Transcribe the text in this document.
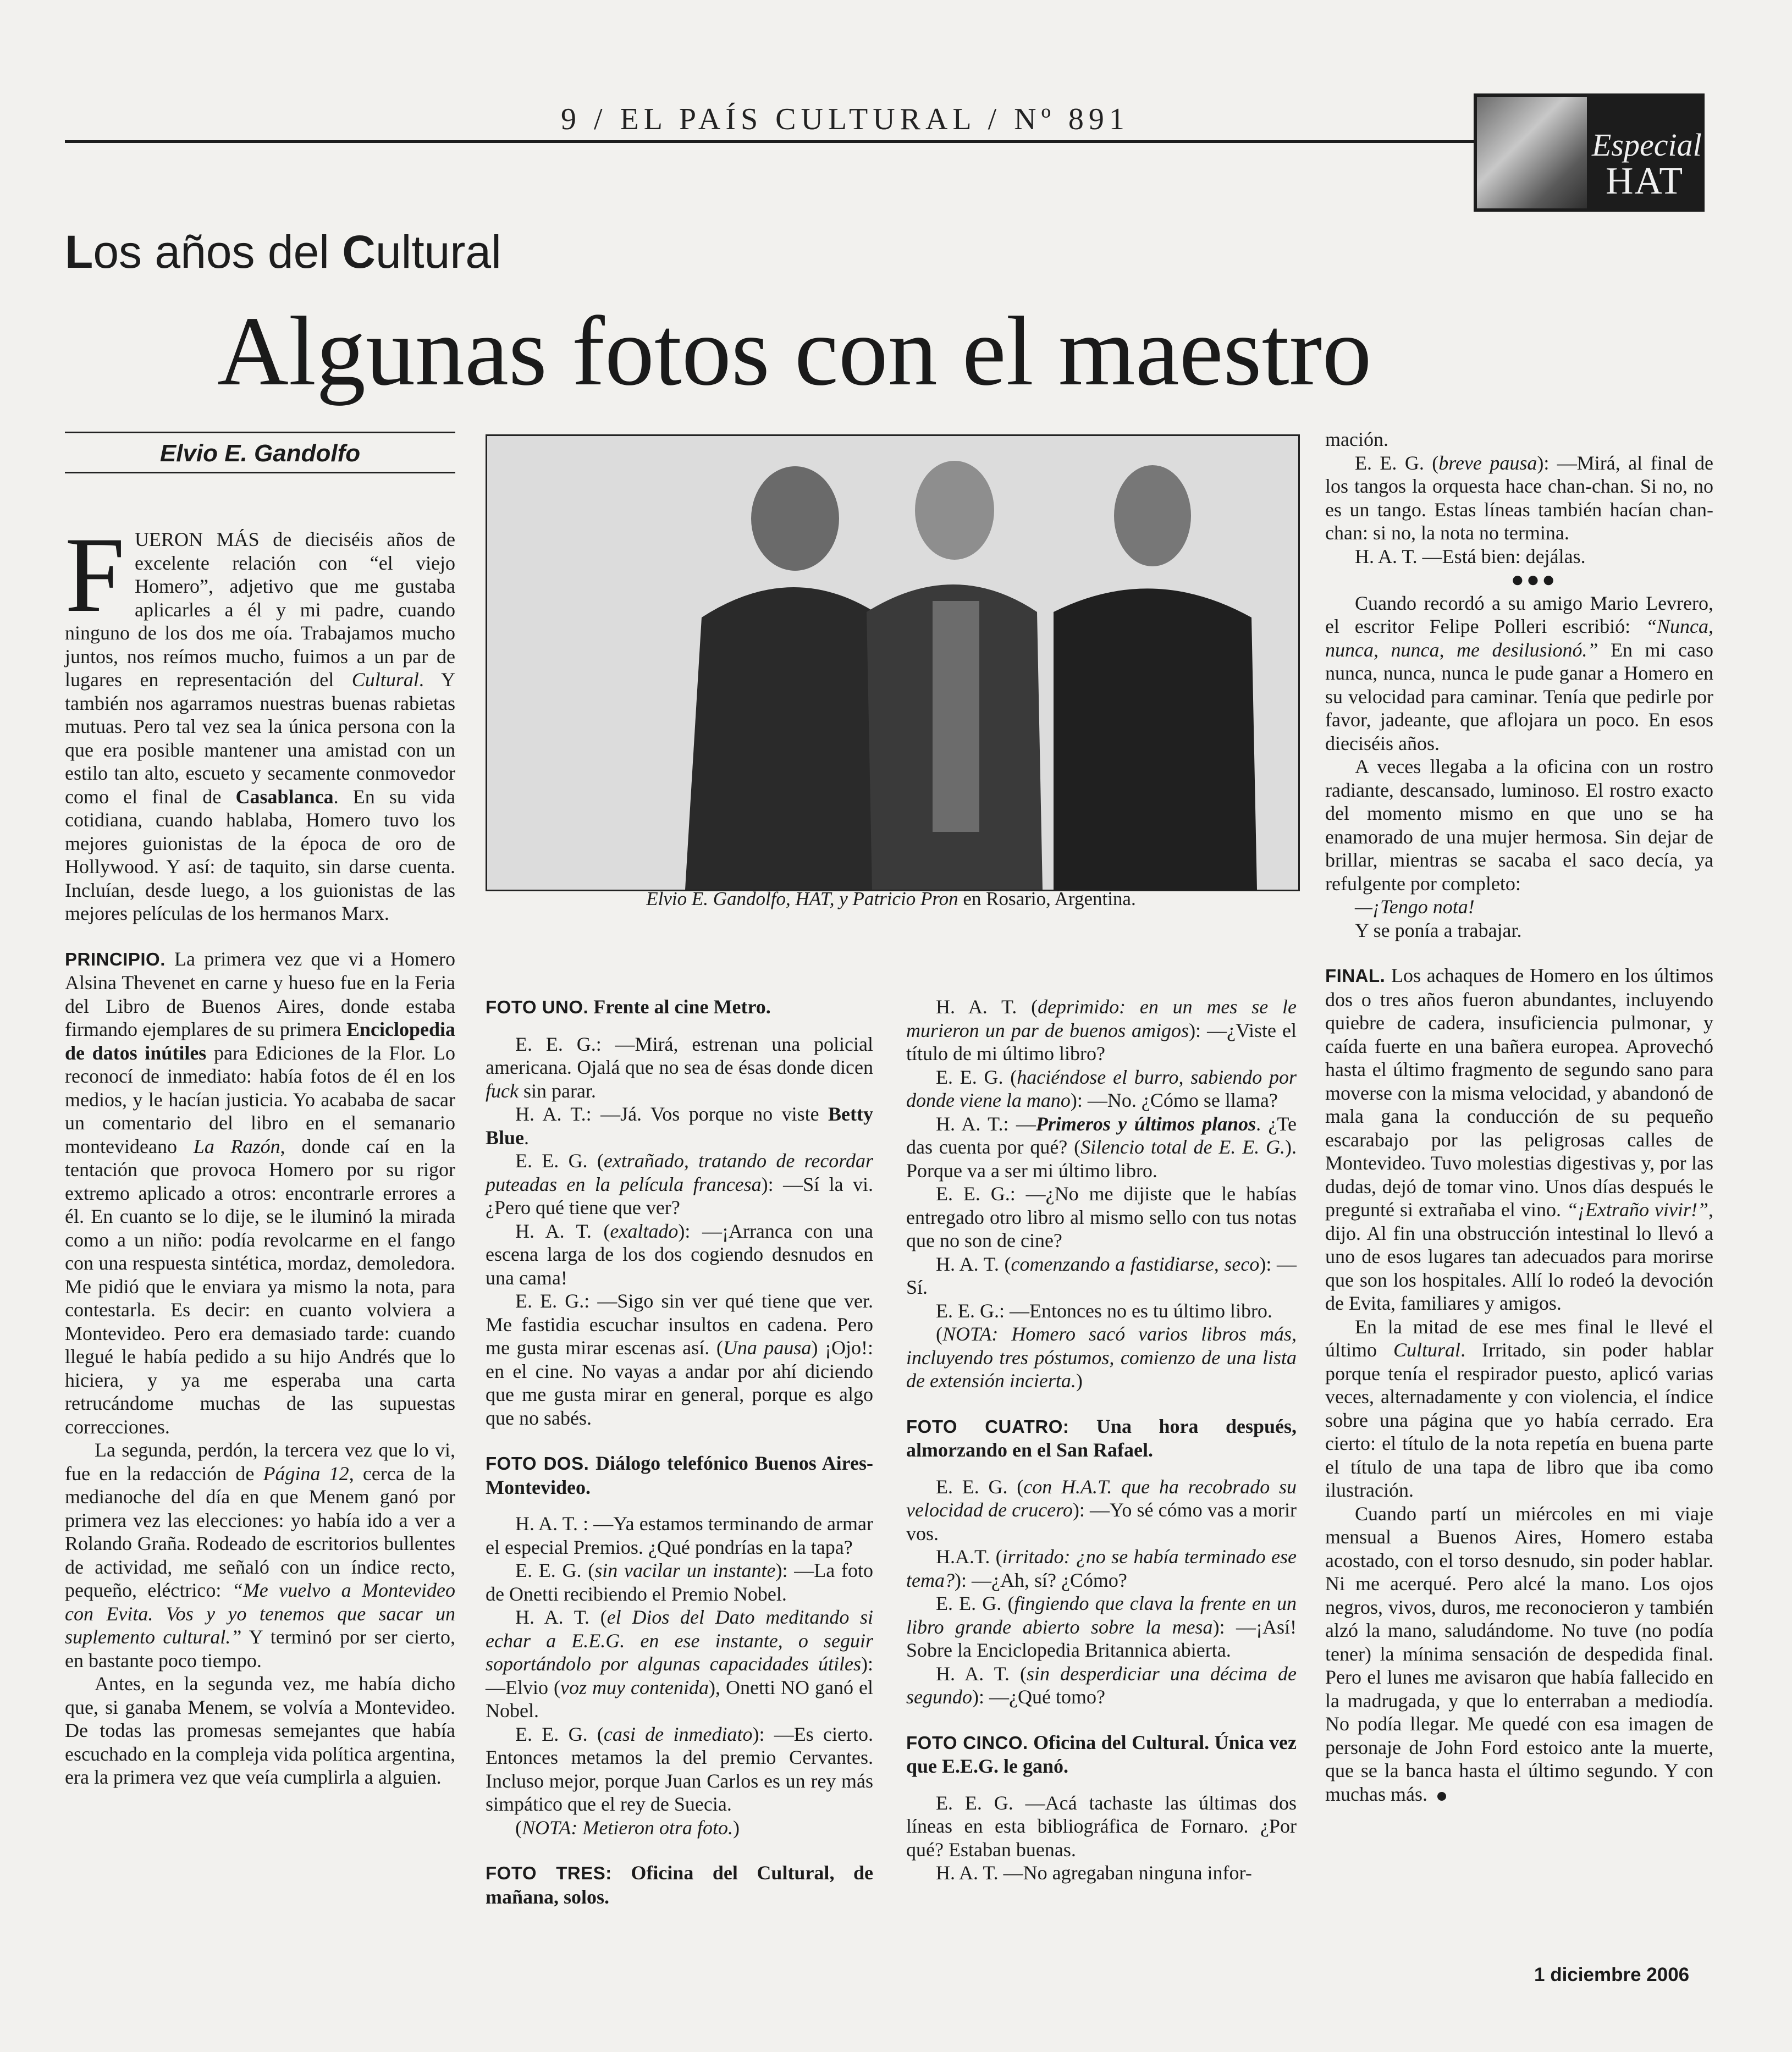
9 / EL PAÍS CULTURAL / Nº 891
Especial
HAT
Los años del Cultural
Algunas fotos con el maestro
Elvio E. Gandolfo

FUERON MÁS de dieciséis años de excelente relación con “el viejo Homero”, adjetivo que me gustaba aplicarles a él y mi padre, cuando ninguno de los dos me oía. Trabajamos mucho juntos, nos reímos mucho, fuimos a un par de lugares en representación del Cultural. Y también nos agarramos nuestras buenas rabietas mutuas. Pero tal vez sea la única persona con la que era posible mantener una amistad con un estilo tan alto, escueto y secamente conmovedor como el final de Casablanca. En su vida cotidiana, cuando hablaba, Homero tuvo los mejores guionistas de la época de oro de Hollywood. Y así: de taquito, sin darse cuenta. Incluían, desde luego, a los guionistas de las mejores películas de los hermanos Marx.

PRINCIPIO. La primera vez que vi a Homero Alsina Thevenet en carne y hueso fue en la Feria del Libro de Buenos Aires, donde estaba firmando ejemplares de su primera Enciclopedia de datos inútiles para Ediciones de la Flor. Lo reconocí de inmediato: había fotos de él en los medios, y le hacían justicia. Yo acababa de sacar un comentario del libro en el semanario montevideano La Razón, donde caí en la tentación que provoca Homero por su rigor extremo aplicado a otros: encontrarle errores a él. En cuanto se lo dije, se le iluminó la mirada como a un niño: podía revolcarme en el fango con una respuesta sintética, mordaz, demoledora. Me pidió que le enviara ya mismo la nota, para contestarla. Es decir: en cuanto volviera a Montevideo. Pero era demasiado tarde: cuando llegué le había pedido a su hijo Andrés que lo hiciera, y ya me esperaba una carta retrucándome muchas de las supuestas correcciones.

La segunda, perdón, la tercera vez que lo vi, fue en la redacción de Página 12, cerca de la medianoche del día en que Menem ganó por primera vez las elecciones: yo había ido a ver a Rolando Graña. Rodeado de escritorios bullentes de actividad, me señaló con un índice recto, pequeño, eléctrico: “Me vuelvo a Montevideo con Evita. Vos y yo tenemos que sacar un suplemento cultural.” Y terminó por ser cierto, en bastante poco tiempo.

Antes, en la segunda vez, me había dicho que, si ganaba Menem, se volvía a Montevideo. De todas las promesas semejantes que había escuchado en la compleja vida política argentina, era la primera vez que veía cumplirla a alguien.

Elvio E. Gandolfo, HAT, y Patricio Pron en Rosario, Argentina.

FOTO UNO. Frente al cine Metro.

E. E. G.: —Mirá, estrenan una policial americana. Ojalá que no sea de ésas donde dicen fuck sin parar.

H. A. T.: —Já. Vos porque no viste Betty Blue.

E. E. G. (extrañado, tratando de recordar puteadas en la película francesa): —Sí la vi. ¿Pero qué tiene que ver?

H. A. T. (exaltado): —¡Arranca con una escena larga de los dos cogiendo desnudos en una cama!

E. E. G.: —Sigo sin ver qué tiene que ver. Me fastidia escuchar insultos en cadena. Pero me gusta mirar escenas así. (Una pausa) ¡Ojo!: en el cine. No vayas a andar por ahí diciendo que me gusta mirar en general, porque es algo que no sabés.

FOTO DOS. Diálogo telefónico Buenos Aires-Montevideo.

H. A. T. : —Ya estamos terminando de armar el especial Premios. ¿Qué pondrías en la tapa?

E. E. G. (sin vacilar un instante): —La foto de Onetti recibiendo el Premio Nobel.

H. A. T. (el Dios del Dato meditando si echar a E.E.G. en ese instante, o seguir soportándolo por algunas capacidades útiles): —Elvio (voz muy contenida), Onetti NO ganó el Nobel.

E. E. G. (casi de inmediato): —Es cierto. Entonces metamos la del premio Cervantes. Incluso mejor, porque Juan Carlos es un rey más simpático que el rey de Suecia.

(NOTA: Metieron otra foto.)

FOTO TRES: Oficina del Cultural, de mañana, solos.

H. A. T. (deprimido: en un mes se le murieron un par de buenos amigos): —¿Viste el título de mi último libro?

E. E. G. (haciéndose el burro, sabiendo por donde viene la mano): —No. ¿Cómo se llama?

H. A. T.: —Primeros y últimos planos. ¿Te das cuenta por qué? (Silencio total de E. E. G.). Porque va a ser mi último libro.

E. E. G.: —¿No me dijiste que le habías entregado otro libro al mismo sello con tus notas que no son de cine?

H. A. T. (comenzando a fastidiarse, seco): —Sí.

E. E. G.: —Entonces no es tu último libro.

(NOTA: Homero sacó varios libros más, incluyendo tres póstumos, comienzo de una lista de extensión incierta.)

FOTO CUATRO: Una hora después, almorzando en el San Rafael.

E. E. G. (con H.A.T. que ha recobrado su velocidad de crucero): —Yo sé cómo vas a morir vos.

H.A.T. (irritado: ¿no se había terminado ese tema?): —¿Ah, sí? ¿Cómo?

E. E. G. (fingiendo que clava la frente en un libro grande abierto sobre la mesa): —¡Así! Sobre la Enciclopedia Britannica abierta.

H. A. T. (sin desperdiciar una décima de segundo): —¿Qué tomo?

FOTO CINCO. Oficina del Cultural. Única vez que E.E.G. le ganó.

E. E. G. —Acá tachaste las últimas dos líneas en esta bibliográfica de Fornaro. ¿Por qué? Estaban buenas.

H. A. T. —No agregaban ninguna infor-

mación.

E. E. G. (breve pausa): —Mirá, al final de los tangos la orquesta hace chan-chan. Si no, no es un tango. Estas líneas también hacían chan-chan: si no, la nota no termina.

H. A. T. —Está bien: dejálas.

●●●

Cuando recordó a su amigo Mario Levrero, el escritor Felipe Polleri escribió: “Nunca, nunca, nunca, me desilusionó.” En mi caso nunca, nunca, nunca le pude ganar a Homero en su velocidad para caminar. Tenía que pedirle por favor, jadeante, que aflojara un poco. En esos dieciséis años.

A veces llegaba a la oficina con un rostro radiante, descansado, luminoso. El rostro exacto del momento mismo en que uno se ha enamorado de una mujer hermosa. Sin dejar de brillar, mientras se sacaba el saco decía, ya refulgente por completo:

—¡Tengo nota!

Y se ponía a trabajar.

FINAL. Los achaques de Homero en los últimos dos o tres años fueron abundantes, incluyendo quiebre de cadera, insuficiencia pulmonar, y caída fuerte en una bañera europea. Aprovechó hasta el último fragmento de segundo sano para moverse con la misma velocidad, y abandonó de mala gana la conducción de su pequeño escarabajo por las peligrosas calles de Montevideo. Tuvo molestias digestivas y, por las dudas, dejó de tomar vino. Unos días después le pregunté si extrañaba el vino. “¡Extraño vivir!”, dijo. Al fin una obstrucción intestinal lo llevó a uno de esos lugares tan adecuados para morirse que son los hospitales. Allí lo rodeó la devoción de Evita, familiares y amigos.

En la mitad de ese mes final le llevé el último Cultural. Irritado, sin poder hablar porque tenía el respirador puesto, aplicó varias veces, alternadamente y con violencia, el índice sobre una página que yo había cerrado. Era cierto: el título de la nota repetía en buena parte el título de una tapa de libro que iba como ilustración.

Cuando partí un miércoles en mi viaje mensual a Buenos Aires, Homero estaba acostado, con el torso desnudo, sin poder hablar. Ni me acerqué. Pero alcé la mano. Los ojos negros, vivos, duros, me reconocieron y también alzó la mano, saludándome. No tuve (no podía tener) la mínima sensación de despedida final. Pero el lunes me avisaron que había fallecido en la madrugada, y que lo enterraban a mediodía. No podía llegar. Me quedé con esa imagen de personaje de John Ford estoico ante la muerte, que se la banca hasta el último segundo. Y con muchas más.

1 diciembre 2006
